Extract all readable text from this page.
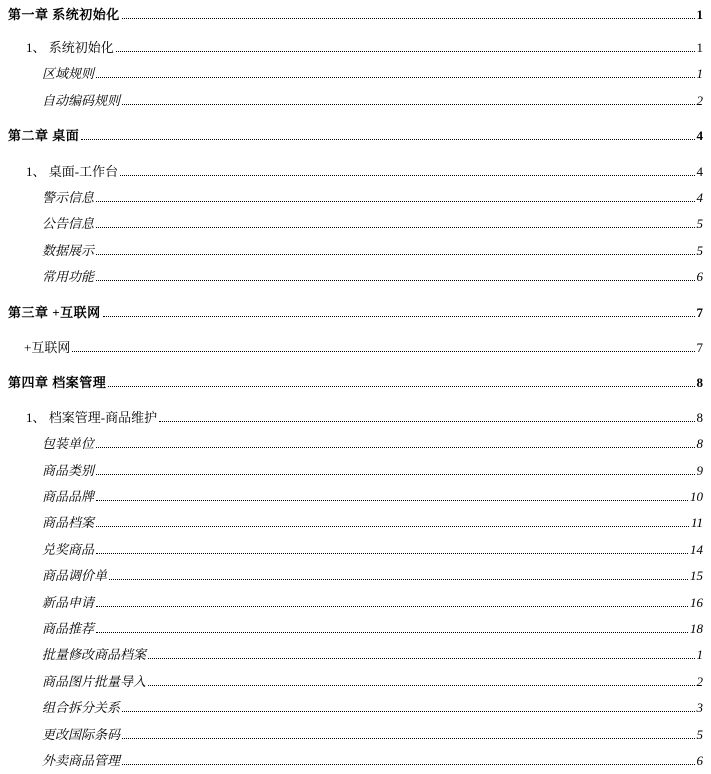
第一章 系统初始化	1
1、 系统初始化	1
区域规则	1
自动编码规则	2
第二章 桌面	4
1、 桌面-工作台	4
警示信息	4
公告信息	5
数据展示	5
常用功能	6
第三章 +互联网	7
+互联网	7
第四章 档案管理	8
1、 档案管理-商品维护	8
包装单位	8
商品类别	9
商品品牌	10
商品档案	11
兑奖商品	14
商品调价单	15
新品申请	16
商品推荐	18
批量修改商品档案	1
商品图片批量导入	2
组合拆分关系	3
更改国际条码	5
外卖商品管理	6
